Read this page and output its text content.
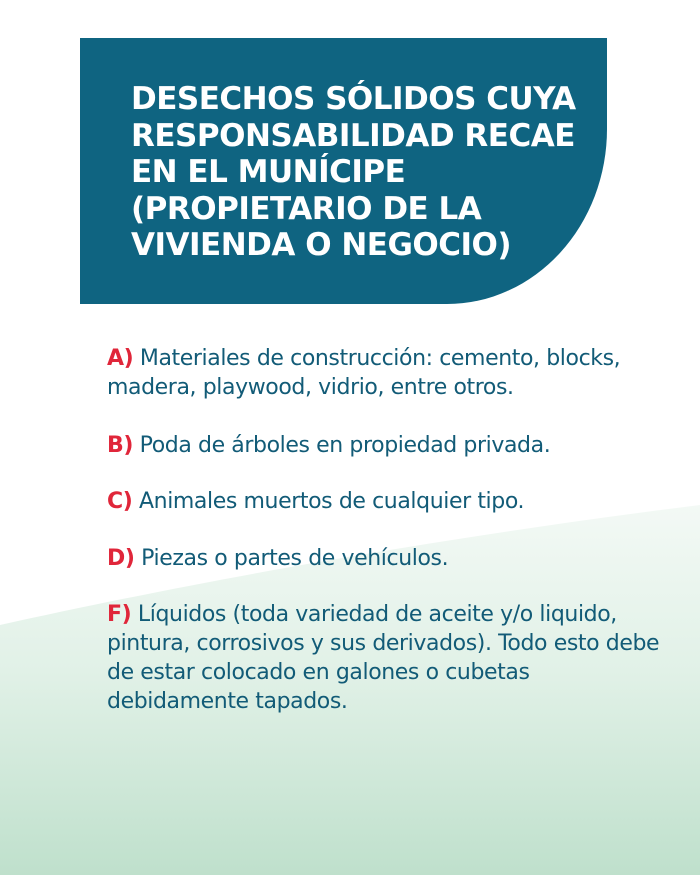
DESECHOS SÓLIDOS CUYA RESPONSABILIDAD RECAE EN EL MUNÍCIPE (PROPIETARIO DE LA VIVIENDA O NEGOCIO)
A) Materiales de construcción: cemento, blocks, madera, playwood, vidrio, entre otros.
B) Poda de árboles en propiedad privada.
C) Animales muertos de cualquier tipo.
D) Piezas o partes de vehículos.
F) Líquidos (toda variedad de aceite y/o liquido, pintura, corrosivos y sus derivados). Todo esto debe de estar colocado en galones o cubetas debidamente tapados.
